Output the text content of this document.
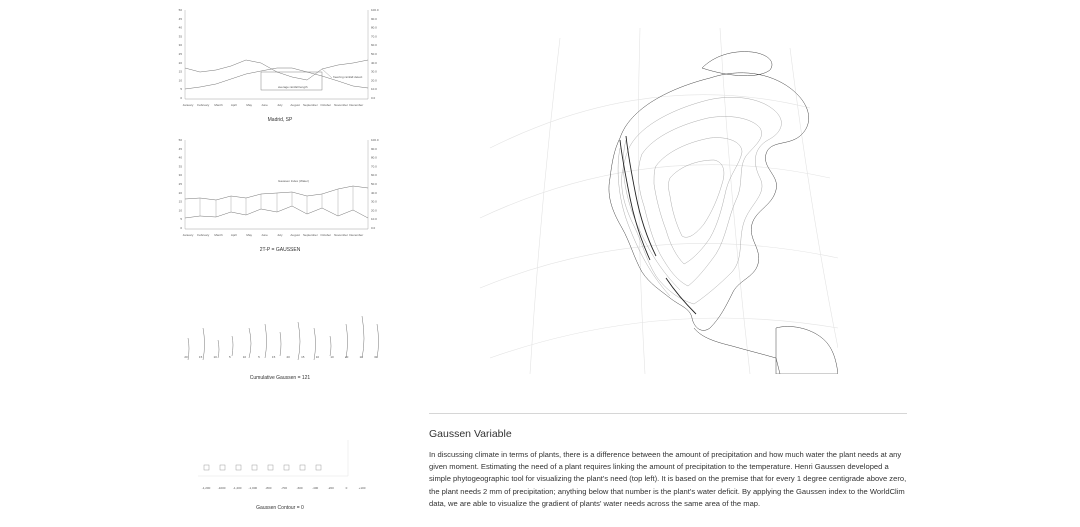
50
45
40
35
30
25
20
15
10
5
0
100.0
90.0
80.0
70.0
60.0
50.0
40.0
30.0
20.0
10.0
0.0
average rainfall length
freezing rainfall detect
January February March	April	May	June	July	August September October November December
Madrid, SP
50
45
40
35
30
25
20
15
10
5
0
100.0
90.0
80.0
70.0
60.0
50.0
40.0
30.0
20.0
10.0
0.0
Gaussen Index (Water)
January February March	April	May	June	July	August September October November December
2T-P = GAUSSEN
20	15	10	5	10	5	15	20	15	10	10	20	10	30
Cumulative Gaussen = 121
-1,200 -1000 -1,200 -1,000	-800	-700	-600	-400	-200	0	+100
Gaussen Contour = 0
Gaussen Variable
In discussing climate in terms of plants, there is a difference between the amount of precipitation and how much water the plant needs at any given moment. Estimating the need of a plant requires linking the amount of precipitation to the temperature. Henri Gaussen developed a simple phytogeographic tool for visualizing the plant's need (top left). It is based on the premise that for every 1 degree centigrade above zero, the plant needs 2 mm of precipitation; anything below that number is the plant's water deficit. By applying the Gaussen index to the WorldClim data, we are able to visualize the gradient of plants' water needs across the same area of the map.
